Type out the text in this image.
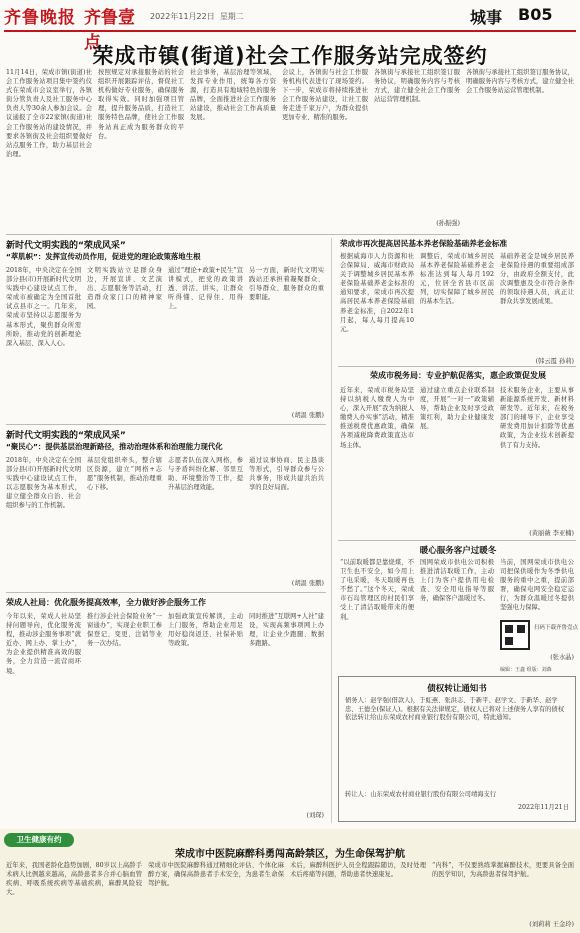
齐鲁晚报 齐鲁壹点
2022年11月22日 星期二	城事 B05
荣成市镇(街道)社会工作服务站完成签约
11月14日，荣成市镇(街道)社会工作服务站项目集中签约仪式在荣成市会议室举行，各镇街分管负责人及社工服务中心负责人等30余人参加会议。会议通报了全市22家镇(街道)社会工作服务站的建设情况，并要求各镇街及社会组织要做好站点服务工作，助力基层社会治理。
按照规定对承接服务站的社会组织开展跟踪评估，督促社工机构做好专业服务，确保服务取得实效。同时加强项目管理，提升服务品质，打造社工服务特色品牌，使社会工作服务站真正成为服务群众的平台。
社会事务，基层治理等领域，发挥专业作用，统筹各方资源，打造具有地域特色的服务品牌，全面推进社会工作服务站建设，推动社会工作高质量发展。
会议上，各镇街与社会工作服务机构代表进行了现场签约。下一步，荣成市将持续推进社会工作服务站建设，让社工服务走进千家万户，为群众提供更加专业、精准的服务。
各镇街与承接社工组织签订服务协议，明确服务内容与考核方式，建立健全社会工作服务站运营管理机制。
(孙振强)
新时代文明实践的“荣成风采”
“萃肌帜”：发挥宣传动员作用，促进党的理论政策落地生根
2018年，中央决定在全国部分县(市)开展新时代文明实践中心建设试点工作，荣成市被确定为全国首批试点县市之一。几年来，荣成市坚持以志愿服务为基本形式，聚焦群众所需所盼，推动党的创新理论深入基层、深入人心。
文明实践站立足群众身边，开展宣讲、文艺演出、志愿服务等活动，打造群众家门口的精神家园。
通过“理论+政策+民生”宣讲模式，把党的政策讲透、讲活、讲实，让群众听得懂、记得住、用得上。
另一方面，新时代文明实践站还承担着凝聚群众、引导群众、服务群众的重要职能。
(胡温 张鹏)
新时代文明实践的“荣成风采”
“聚民心”：提供基层治理新路径，推动治理体系和治理能力现代化
2018年，中央决定在全国部分县(市)开展新时代文明实践中心建设试点工作，以志愿服务为基本形式，建立健全群众自治、社会组织参与的工作机制。
基层党组织牵头，整合辖区资源，建立“网格+志愿”服务机制，推动治理重心下移。
志愿者队伍深入网格，参与矛盾纠纷化解、邻里互助、环境整治等工作，提升基层治理效能。
通过议事协商、民主恳谈等形式，引导群众参与公共事务，形成共建共治共享的良好局面。
(胡温 张鹏)
荣成人社局：优化服务提高效率，全力做好涉企服务工作
今年以来，荣成人社局坚持问题导向，优化服务流程，推动涉企服务事项“就近办、网上办、掌上办”，为企业提供精准高效的服务，全力营造一流营商环境。
推行涉企社会保险业务“一窗通办”，实现企业职工参保登记、变更、注销等业务一次办结。
加强政策宣传解读，主动上门服务，帮助企业用足用好稳岗返还、社保补贴等政策。
同时推进“互联网+人社”建设，实现高频事项网上办理，让企业少跑腿、数据多跑路。
(刘琛)
各镇街与承接社工组织签订服务协议，明确服务内容与考核方式，建立健全社会工作服务站运营管理机制。
荣成市再次提高居民基本养老保险基础养老金标准
根据威海市人力资源和社会保障局、威海市财政局关于调整城乡居民基本养老保险基础养老金标准的通知要求，荣成市再次提高居民基本养老保险基础养老金标准，自2022年1月起，每人每月提高10元。
调整后，荣成市城乡居民基本养老保险基础养老金标准达到每人每月192元，位居全省县市区前列，切实保障了城乡居民的基本生活。
基础养老金是城乡居民养老保险待遇的重要组成部分，由政府全额支付，此次调整惠及全市符合条件的领取待遇人员，真正让群众共享发展成果。
(韩云霞 孙莉)
荣成市税务局：专业护航促落实，惠企政策促发展
近年来，荣成市税务局坚持以纳税人缴费人为中心，深入开展“我为纳税人缴费人办实事”活动，精准推送税费优惠政策，确保各项减税降费政策直达市场主体。
通过建立重点企业联系制度，开展“一对一”政策辅导，帮助企业及时享受政策红利，助力企业健康发展。
技术服务企业，主要从事新能源系统开发、新材料研发等。近年来，在税务部门的辅导下，企业享受研发费用加计扣除等优惠政策，为企业技术创新提供了有力支持。
(黄丽薇 李亚楠)
暖心服务客户过暖冬
“以前取暖都是靠烧煤，不卫生也不安全，如今用上了电采暖，冬天取暖再也不愁了。”这个冬天，荣成市石岛管理区的村民们享受上了清洁取暖带来的便利。
国网荣成市供电公司积极推进清洁取暖工作，主动上门为客户提供用电检查、安全用电指导等服务，确保客户温暖过冬。
当前，国网荣成市供电公司把保供暖作为冬季供电服务的重中之重，提前部署，确保电网安全稳定运行，为群众温暖过冬提供坚强电力保障。
(张水晶)
扫码下载齐鲁壹点
编辑：王鑫 组版：刘森
债权转让通知书
债务人：赵学强(借款人)，于虹燕、张洪志、于新平、赵学文、于新华、赵学忠、王德全(保证人)。根据有关法律规定，债权人已将对上述债务人享有的债权依法转让给山东荣成农村商业银行股份有限公司，特此通知。
转让人：山东荣成农村商业银行股份有限公司靖海支行
2022年11月21日
卫生健康有约
荣成市中医院麻醉科勇闯高龄禁区，为生命保驾护航
近年来，我国老龄化趋势加剧，80岁以上高龄手术病人比例越来越高，高龄患者多合并心脑血管疾病、呼吸系统疾病等基础疾病，麻醉风险较大。
荣成市中医院麻醉科通过精细化评估、个体化麻醉方案，确保高龄患者手术安全，为患者生命保驾护航。
术后，麻醉科医护人员全程跟踪随访，及时处理术后疼痛等问题，帮助患者快速康复。
“内科”，不仅要熟练掌握麻醉技术，更要具备全面的医学知识，为高龄患者保驾护航。
(刘莉莉 王金玲)
